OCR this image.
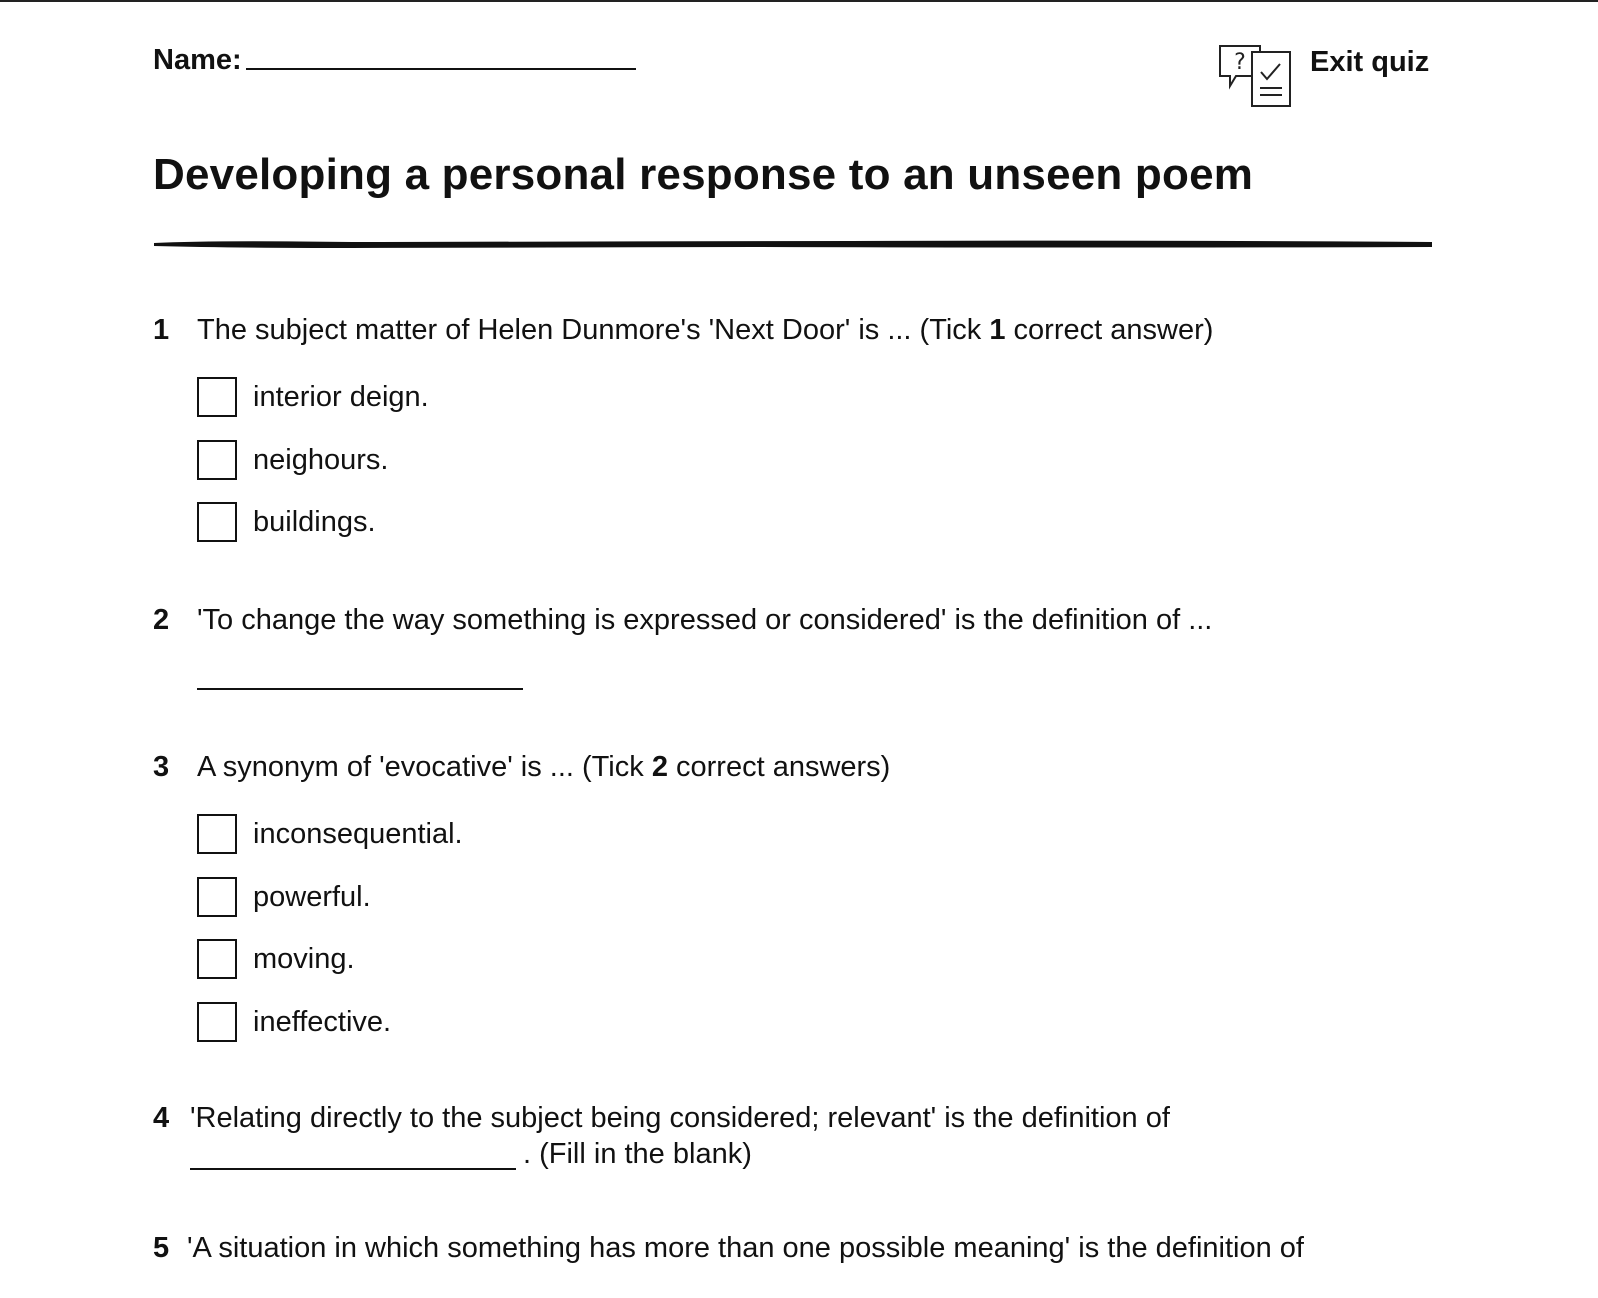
Name:	? Exit quiz
Developing a personal response to an unseen poem
1 The subject matter of Helen Dunmore's 'Next Door' is ... (Tick 1 correct answer)
interior deign.
neighours.
buildings.
2 'To change the way something is expressed or considered' is the definition of ...
3 A synonym of 'evocative' is ... (Tick 2 correct answers)
inconsequential.
powerful.
moving.
ineffective.
4 'Relating directly to the subject being considered; relevant' is the definition of
. (Fill in the blank)
5 'A situation in which something has more than one possible meaning' is the definition of
